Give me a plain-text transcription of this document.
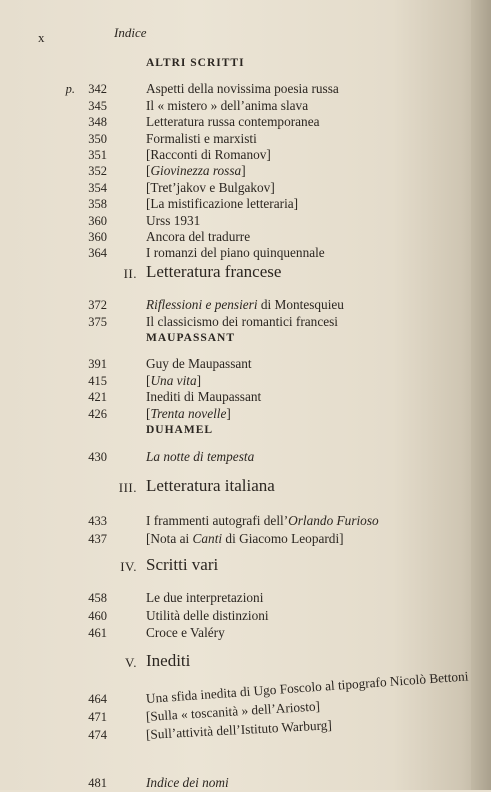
x	Indice
ALTRI SCRITTI
p. 342	Aspetti della novissima poesia russa
345	Il « mistero » dell’anima slava
348	Letteratura russa contemporanea
350	Formalisti e marxisti
351	[Racconti di Romanov]
352	[Giovinezza rossa]
354	[Tret’jakov e Bulgakov]
358	[La mistificazione letteraria]
360	Urss 1931
360	Ancora del tradurre
364	I romanzi del piano quinquennale
II. Letteratura francese
372	Riflessioni e pensieri di Montesquieu
375	Il classicismo dei romantici francesi
MAUPASSANT
391	Guy de Maupassant
415	[Una vita]
421	Inediti di Maupassant
426	[Trenta novelle]
DUHAMEL
430	La notte di tempesta
III. Letteratura italiana
433	I frammenti autografi dell’Orlando Furioso
437	[Nota ai Canti di Giacomo Leopardi]
IV. Scritti vari
458	Le due interpretazioni
460	Utilità delle distinzioni
461	Croce e Valéry
V. Inediti
464	Una sfida inedita di Ugo Foscolo al tipografo Nicolò Bettoni
471	[Sulla « toscanità » dell’Ariosto]
474	[Sull’attività dell’Istituto Warburg]
481	Indice dei nomi
